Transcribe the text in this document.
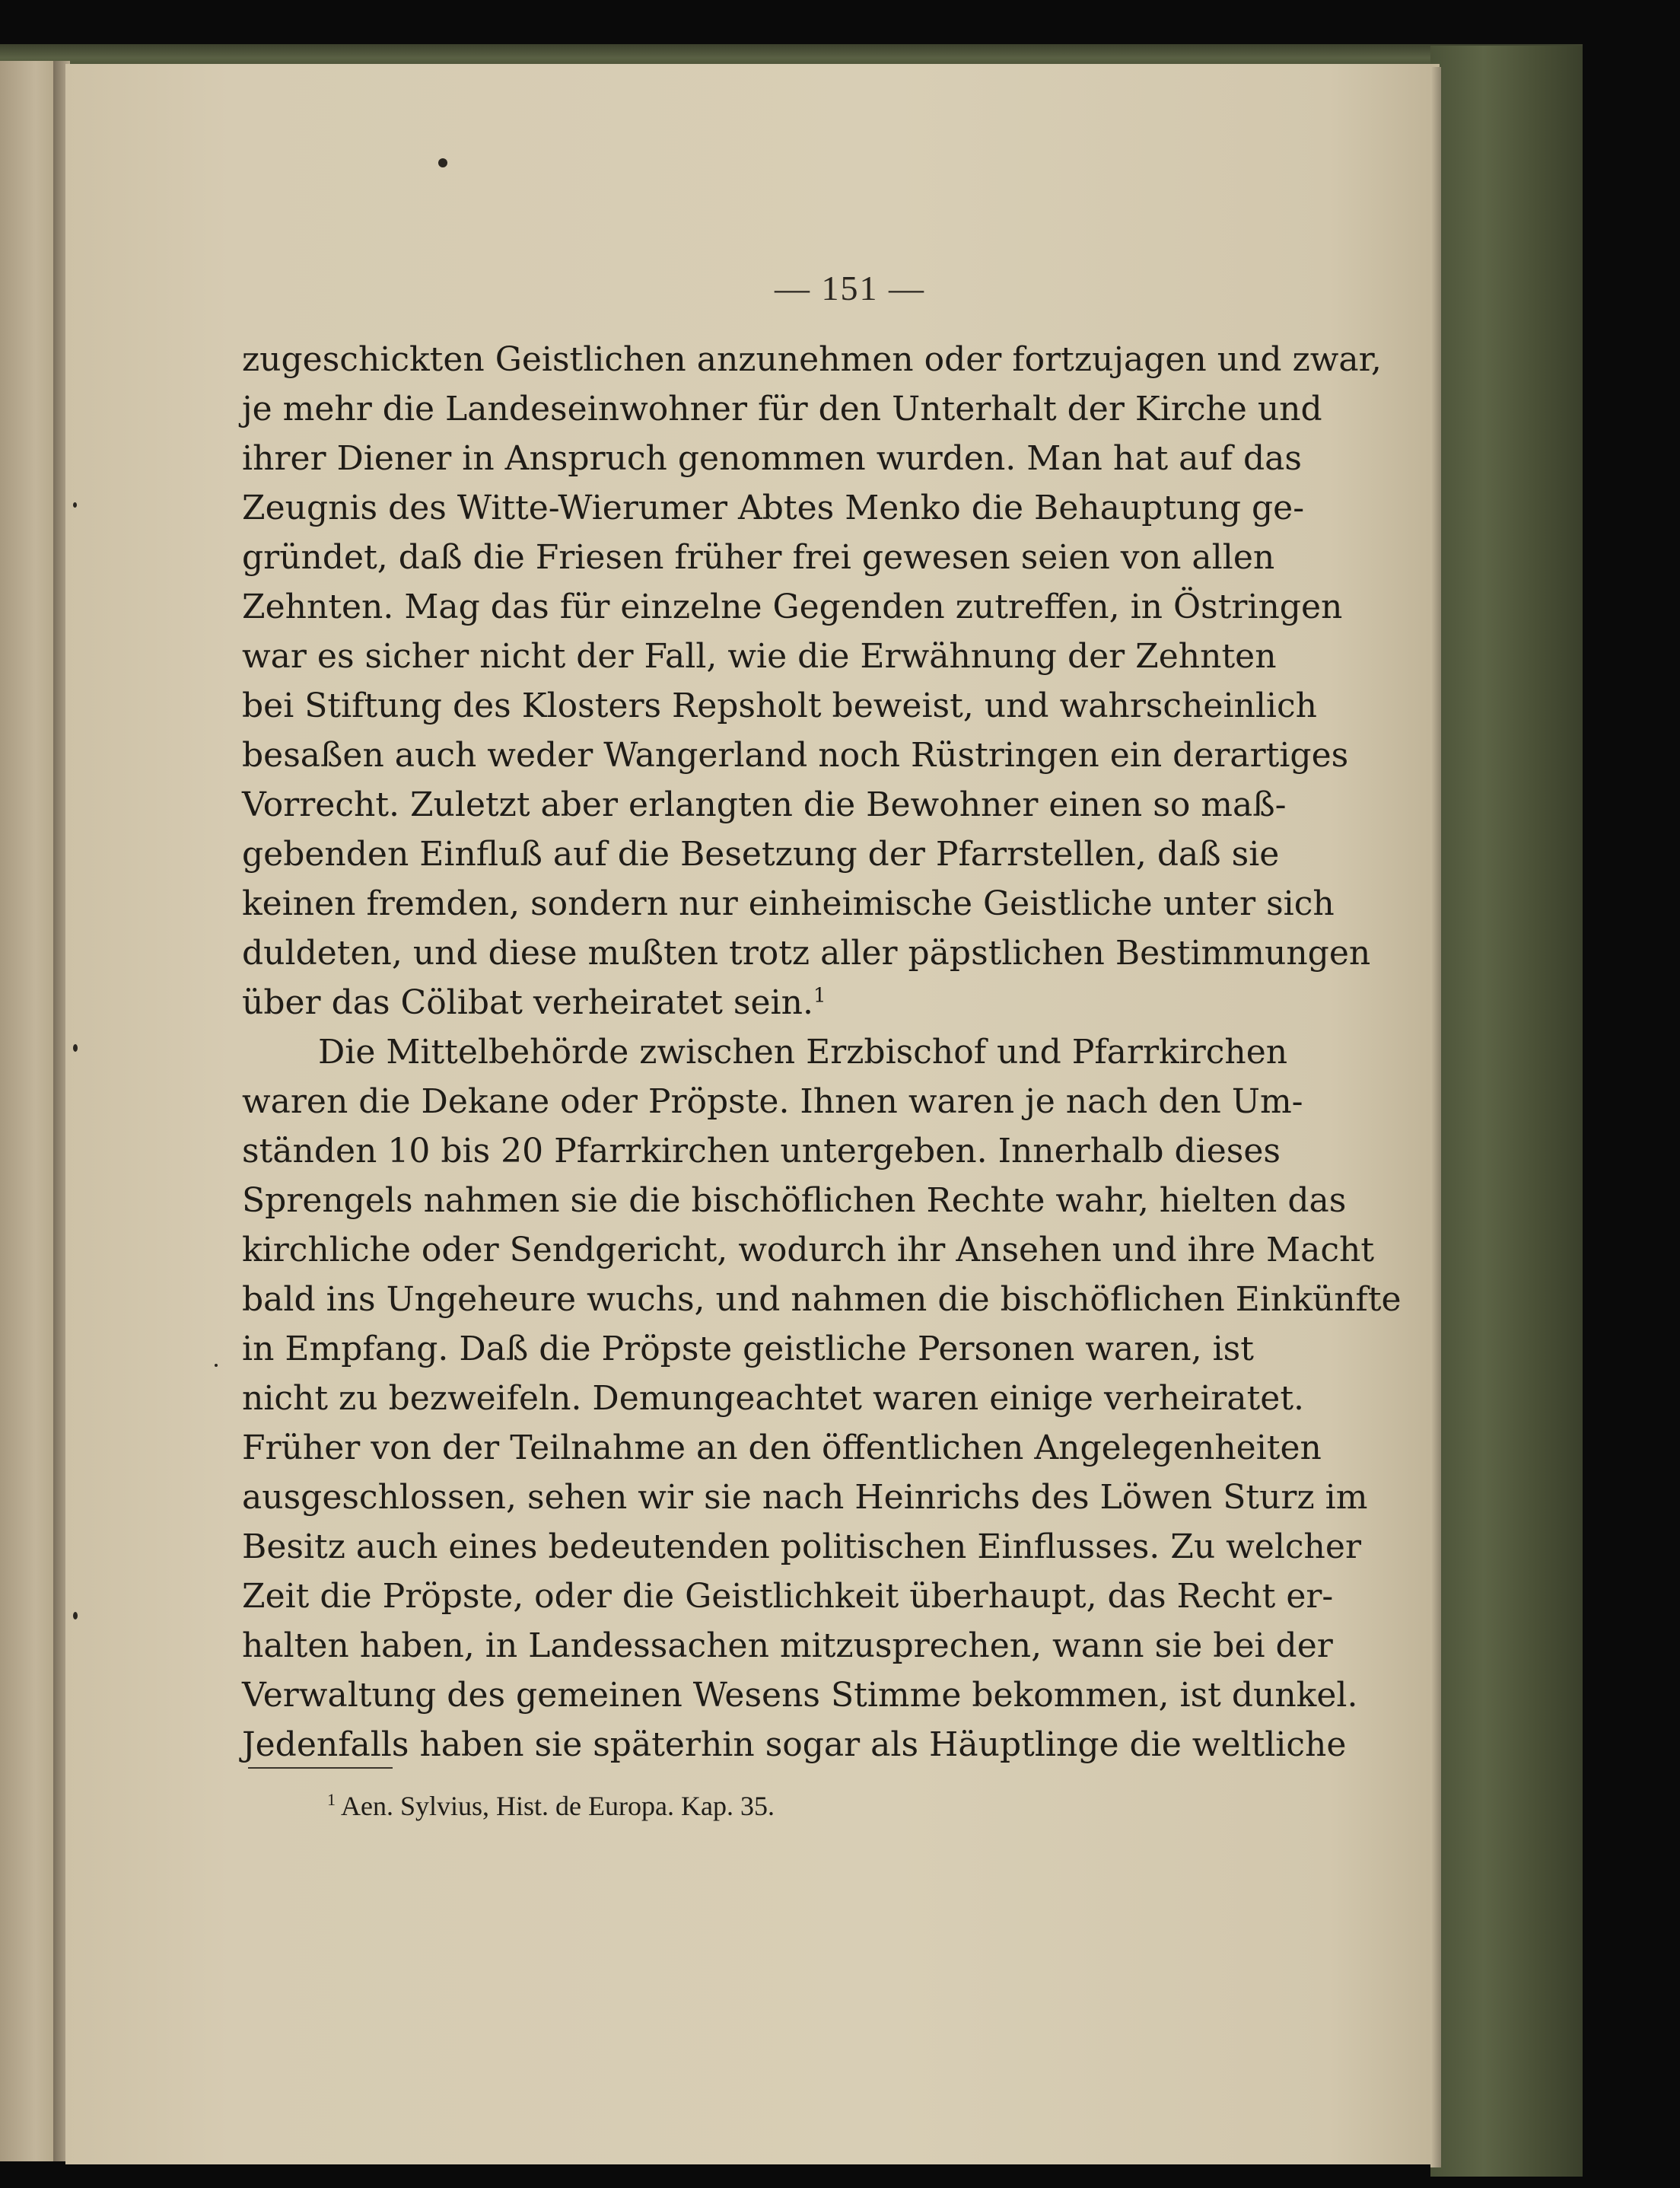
— 151 —
zugeschickten Geistlichen anzunehmen oder fortzujagen und zwar,
je mehr die Landeseinwohner für den Unterhalt der Kirche und
ihrer Diener in Anspruch genommen wurden. Man hat auf das
Zeugnis des Witte-Wierumer Abtes Menko die Behauptung ge-
gründet, daß die Friesen früher frei gewesen seien von allen
Zehnten. Mag das für einzelne Gegenden zutreffen, in Östringen
war es sicher nicht der Fall, wie die Erwähnung der Zehnten
bei Stiftung des Klosters Repsholt beweist, und wahrscheinlich
besaßen auch weder Wangerland noch Rüstringen ein derartiges
Vorrecht. Zuletzt aber erlangten die Bewohner einen so maß-
gebenden Einfluß auf die Besetzung der Pfarrstellen, daß sie
keinen fremden, sondern nur einheimische Geistliche unter sich
duldeten, und diese mußten trotz aller päpstlichen Bestimmungen
über das Cölibat verheiratet sein.$^1$
Die Mittelbehörde zwischen Erzbischof und Pfarrkirchen
waren die Dekane oder Pröpste. Ihnen waren je nach den Um-
ständen 10 bis 20 Pfarrkirchen untergeben. Innerhalb dieses
Sprengels nahmen sie die bischöflichen Rechte wahr, hielten das
kirchliche oder Sendgericht, wodurch ihr Ansehen und ihre Macht
bald ins Ungeheure wuchs, und nahmen die bischöflichen Einkünfte
in Empfang. Daß die Pröpste geistliche Personen waren, ist
nicht zu bezweifeln. Demungeachtet waren einige verheiratet.
Früher von der Teilnahme an den öffentlichen Angelegenheiten
ausgeschlossen, sehen wir sie nach Heinrichs des Löwen Sturz im
Besitz auch eines bedeutenden politischen Einflusses. Zu welcher
Zeit die Pröpste, oder die Geistlichkeit überhaupt, das Recht er-
halten haben, in Landessachen mitzusprechen, wann sie bei der
Verwaltung des gemeinen Wesens Stimme bekommen, ist dunkel.
Jedenfalls haben sie späterhin sogar als Häuptlinge die weltliche
$^1$ Aen. Sylvius, Hist. de Europa. Kap. 35.
